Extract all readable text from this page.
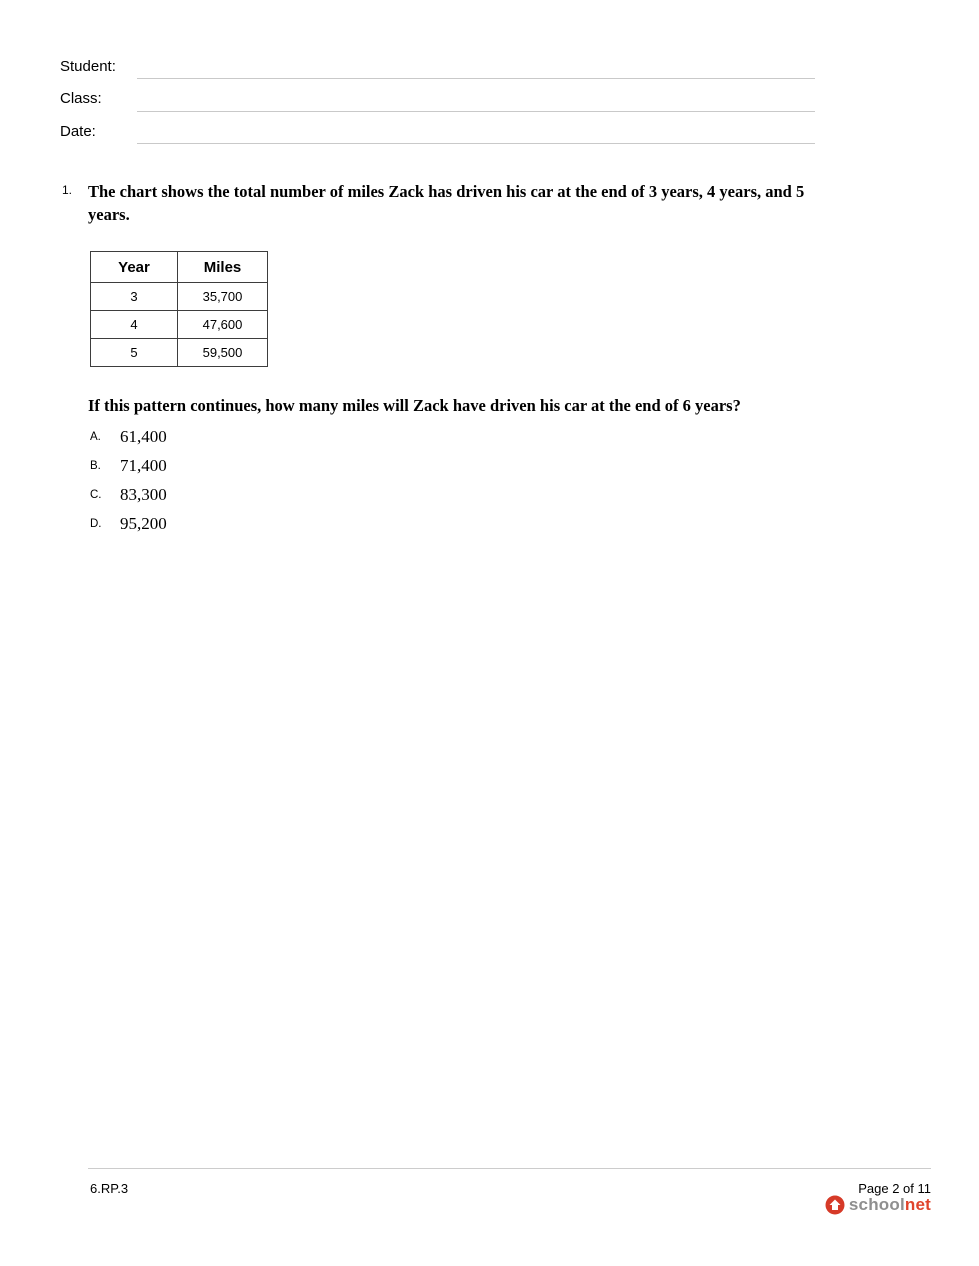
Student:
Class:
Date:
1. The chart shows the total number of miles Zack has driven his car at the end of 3 years, 4 years, and 5 years.
Year	Miles
3	35,700
4	47,600
5	59,500
If this pattern continues, how many miles will Zack have driven his car at the end of 6 years?
A. 61,400
B. 71,400
C. 83,300
D. 95,200
6.RP.3	Page 2 of 11
schoolnet
